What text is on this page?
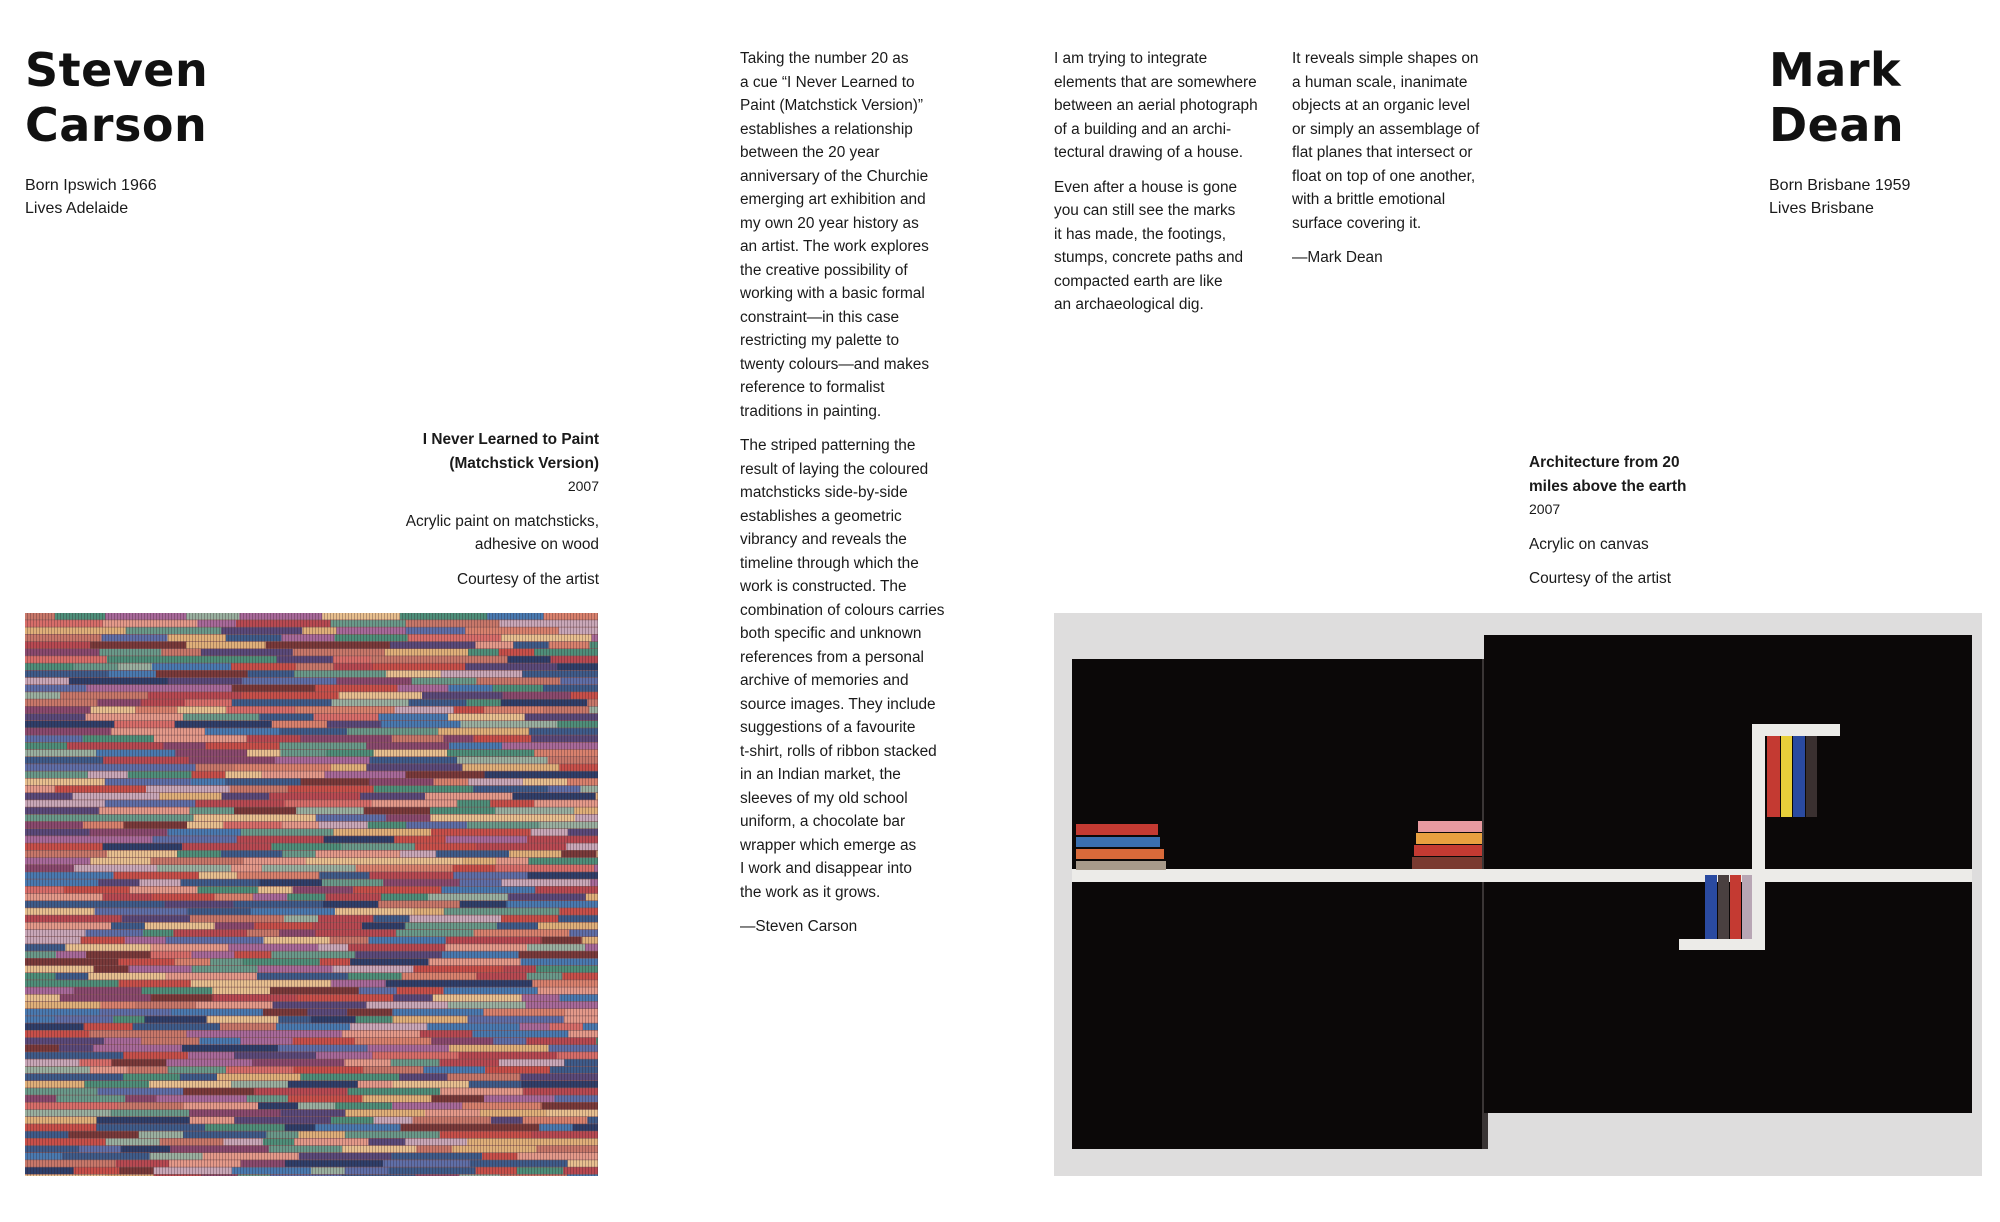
Steven
Carson
Born Ipswich 1966
Lives Adelaide
I Never Learned to Paint
(Matchstick Version)
2007
Acrylic paint on matchsticks,
adhesive on wood
Courtesy of the artist

Taking the number 20 as
a cue “I Never Learned to
Paint (Matchstick Version)”
establishes a relationship
between the 20 year
anniversary of the Churchie
emerging art exhibition and
my own 20 year history as
an artist. The work explores
the creative possibility of
working with a basic formal
constraint—in this case
restricting my palette to
twenty colours—and makes
reference to formalist
traditions in painting.

The striped patterning the
result of laying the coloured
matchsticks side-by-side
establishes a geometric
vibrancy and reveals the
timeline through which the
work is constructed. The
combination of colours carries
both specific and unknown
references from a personal
archive of memories and
source images. They include
suggestions of a favourite
t-shirt, rolls of ribbon stacked
in an Indian market, the
sleeves of my old school
uniform, a chocolate bar
wrapper which emerge as
I work and disappear into
the work as it grows.

—Steven Carson

I am trying to integrate
elements that are somewhere
between an aerial photograph
of a building and an archi-
tectural drawing of a house.

Even after a house is gone
you can still see the marks
it has made, the footings,
stumps, concrete paths and
compacted earth are like
an archaeological dig.

It reveals simple shapes on
a human scale, inanimate
objects at an organic level
or simply an assemblage of
flat planes that intersect or
float on top of one another,
with a brittle emotional
surface covering it.

—Mark Dean

Mark
Dean
Born Brisbane 1959
Lives Brisbane
Architecture from 20
miles above the earth
2007
Acrylic on canvas
Courtesy of the artist
